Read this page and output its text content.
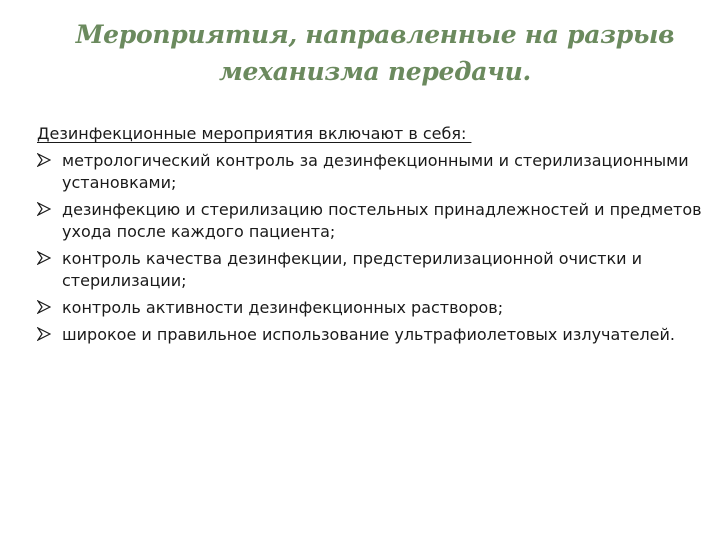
Мероприятия, направленные на разрыв
механизма передачи.
Дезинфекционные мероприятия включают в себя:
метрологический контроль за дезинфекционными и стерилизационными установками;
дезинфекцию и стерилизацию постельных принадлежностей и предметов ухода после каждого пациента;
контроль качества дезинфекции, предстерилизационной очистки и стерилизации;
контроль активности дезинфекционных растворов;
широкое и правильное использование ультрафиолетовых излучателей.
